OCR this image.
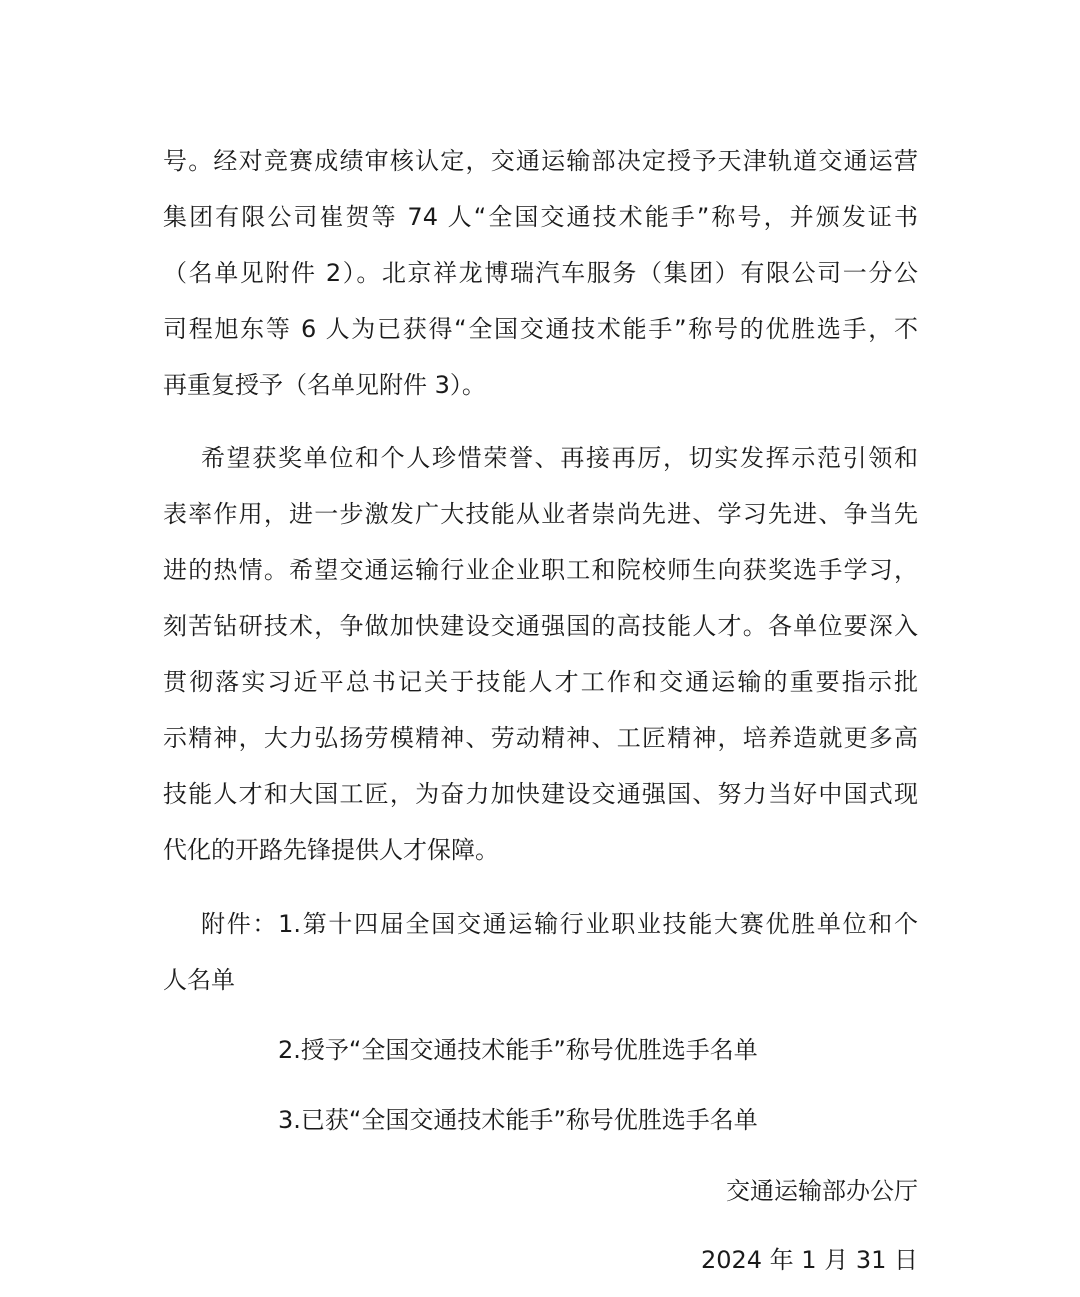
号。经对竞赛成绩审核认定，交通运输部决定授予天津轨道交通运营
集团有限公司崔贺等 74 人“全国交通技术能手”称号，并颁发证书
（名单见附件 2）。北京祥龙博瑞汽车服务（集团）有限公司一分公
司程旭东等 6 人为已获得“全国交通技术能手”称号的优胜选手，不
再重复授予（名单见附件 3）。
希望获奖单位和个人珍惜荣誉、再接再厉，切实发挥示范引领和
表率作用，进一步激发广大技能从业者崇尚先进、学习先进、争当先
进的热情。希望交通运输行业企业职工和院校师生向获奖选手学习，
刻苦钻研技术，争做加快建设交通强国的高技能人才。各单位要深入
贯彻落实习近平总书记关于技能人才工作和交通运输的重要指示批
示精神，大力弘扬劳模精神、劳动精神、工匠精神，培养造就更多高
技能人才和大国工匠，为奋力加快建设交通强国、努力当好中国式现
代化的开路先锋提供人才保障。
附件：1.第十四届全国交通运输行业职业技能大赛优胜单位和个
人名单

2.授予“全国交通技术能手”称号优胜选手名单

3.已获“全国交通技术能手”称号优胜选手名单

交通运输部办公厅

2024 年 1 月 31 日
